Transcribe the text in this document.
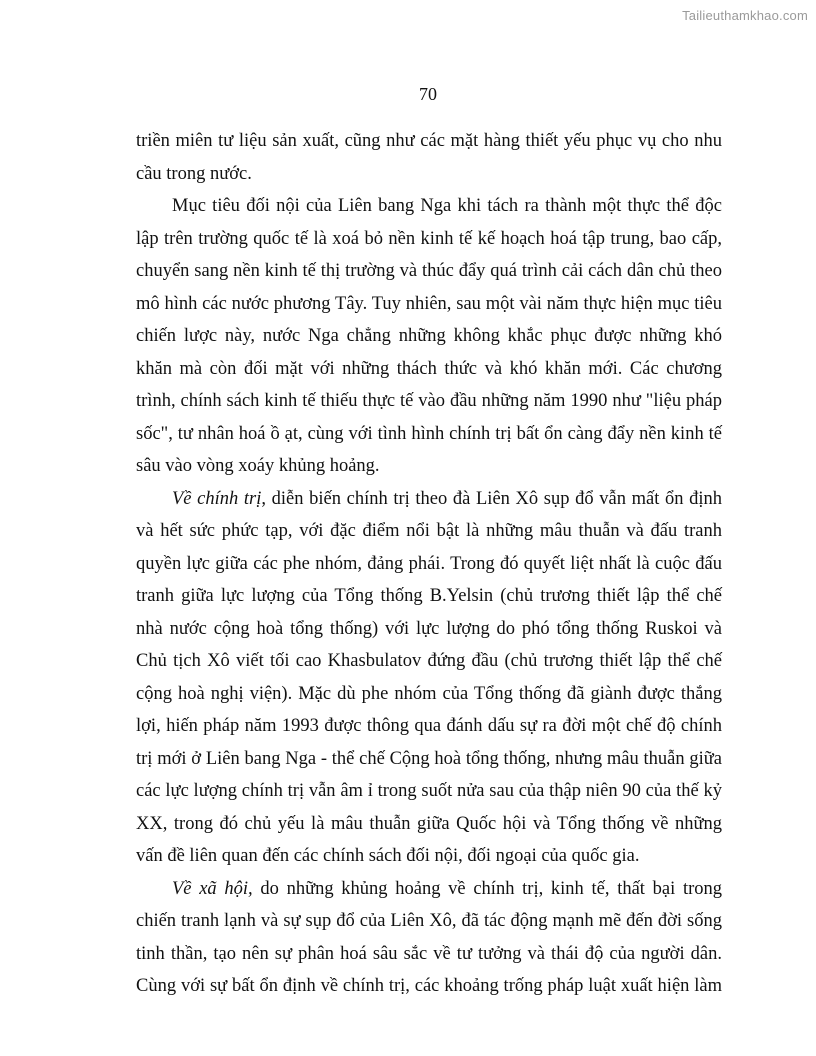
Tailieuthamkhao.com
70
triền miên tư liệu sản xuất, cũng như các mặt hàng thiết yếu phục vụ cho nhu
cầu trong nước.
Mục tiêu đối nội của Liên bang Nga khi tách ra thành một thực thể độc
lập trên trường quốc tế là xoá bỏ nền kinh tế kế hoạch hoá tập trung, bao cấp,
chuyển sang nền kinh tế thị trường và thúc đẩy quá trình cải cách dân chủ theo
mô hình các nước phương Tây. Tuy nhiên, sau một vài năm thực hiện mục tiêu
chiến lược này, nước Nga chẳng những không khắc phục được những khó
khăn mà còn đối mặt với những thách thức và khó khăn mới. Các chương
trình, chính sách kinh tế thiếu thực tế vào đầu những năm 1990 như "liệu pháp
sốc", tư nhân hoá ồ ạt, cùng với tình hình chính trị bất ổn càng đẩy nền kinh tế
sâu vào vòng xoáy khủng hoảng.
Về chính trị, diễn biến chính trị theo đà Liên Xô sụp đổ vẫn mất ổn định
và hết sức phức tạp, với đặc điểm nổi bật là những mâu thuẫn và đấu tranh
quyền lực giữa các phe nhóm, đảng phái. Trong đó quyết liệt nhất là cuộc đấu
tranh giữa lực lượng của Tổng thống B.Yelsin (chủ trương thiết lập thể chế
nhà nước cộng hoà tổng thống) với lực lượng do phó tổng thống Ruskoi và
Chủ tịch Xô viết tối cao Khasbulatov đứng đầu (chủ trương thiết lập thể chế
cộng hoà nghị viện). Mặc dù phe nhóm của Tổng thống đã giành được thắng
lợi, hiến pháp năm 1993 được thông qua đánh dấu sự ra đời một chế độ chính
trị mới ở Liên bang Nga - thể chế Cộng hoà tổng thống, nhưng mâu thuẫn giữa
các lực lượng chính trị vẫn âm ỉ trong suốt nửa sau của thập niên 90 của thế kỷ
XX, trong đó chủ yếu là mâu thuẫn giữa Quốc hội và Tổng thống về những
vấn đề liên quan đến các chính sách đối nội, đối ngoại của quốc gia.
Về xã hội, do những khủng hoảng về chính trị, kinh tế, thất bại trong
chiến tranh lạnh và sự sụp đổ của Liên Xô, đã tác động mạnh mẽ đến đời sống
tinh thần, tạo nên sự phân hoá sâu sắc về tư tưởng và thái độ của người dân.
Cùng với sự bất ổn định về chính trị, các khoảng trống pháp luật xuất hiện làm
